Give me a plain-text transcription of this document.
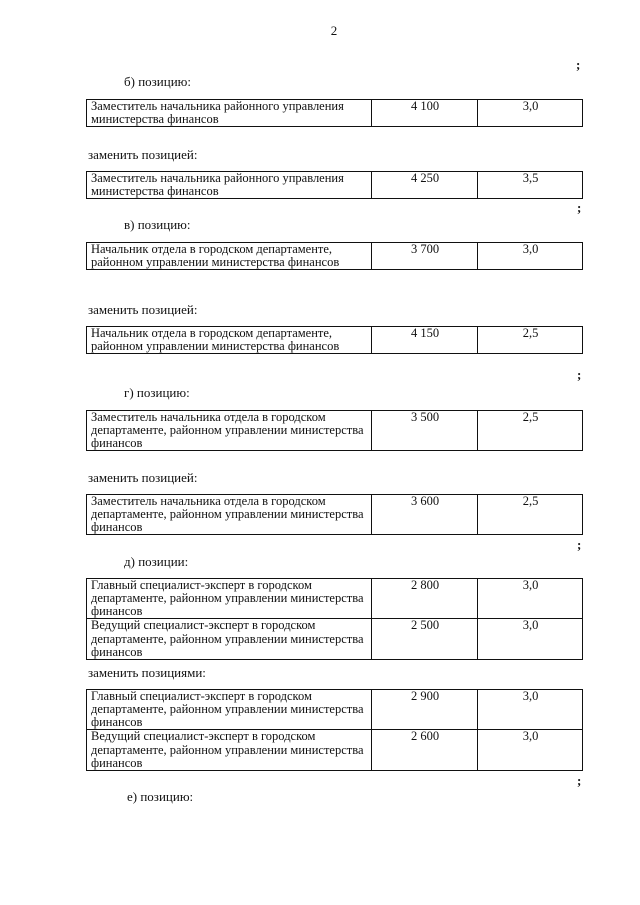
2
;
б) позицию:
Заместитель начальника районного управления министерства финансов	4 100	3,0
заменить позицией:
Заместитель начальника районного управления министерства финансов	4 250	3,5
;
в) позицию:
Начальник отдела в городском департаменте, районном управлении министерства финансов	3 700	3,0
заменить позицией:
Начальник отдела в городском департаменте, районном управлении министерства финансов	4 150	2,5
;
г) позицию:
Заместитель начальника отдела в городском департаменте, районном управлении министерства финансов	3 500	2,5
заменить позицией:
Заместитель начальника отдела в городском департаменте, районном управлении министерства финансов	3 600	2,5
;
д) позиции:
Главный специалист-эксперт в городском департаменте, районном управлении министерства финансов	2 800	3,0
Ведущий специалист-эксперт в городском департаменте, районном управлении министерства финансов	2 500	3,0
заменить позициями:
Главный специалист-эксперт в городском департаменте, районном управлении министерства финансов	2 900	3,0
Ведущий специалист-эксперт в городском департаменте, районном управлении министерства финансов	2 600	3,0
;
е) позицию:
